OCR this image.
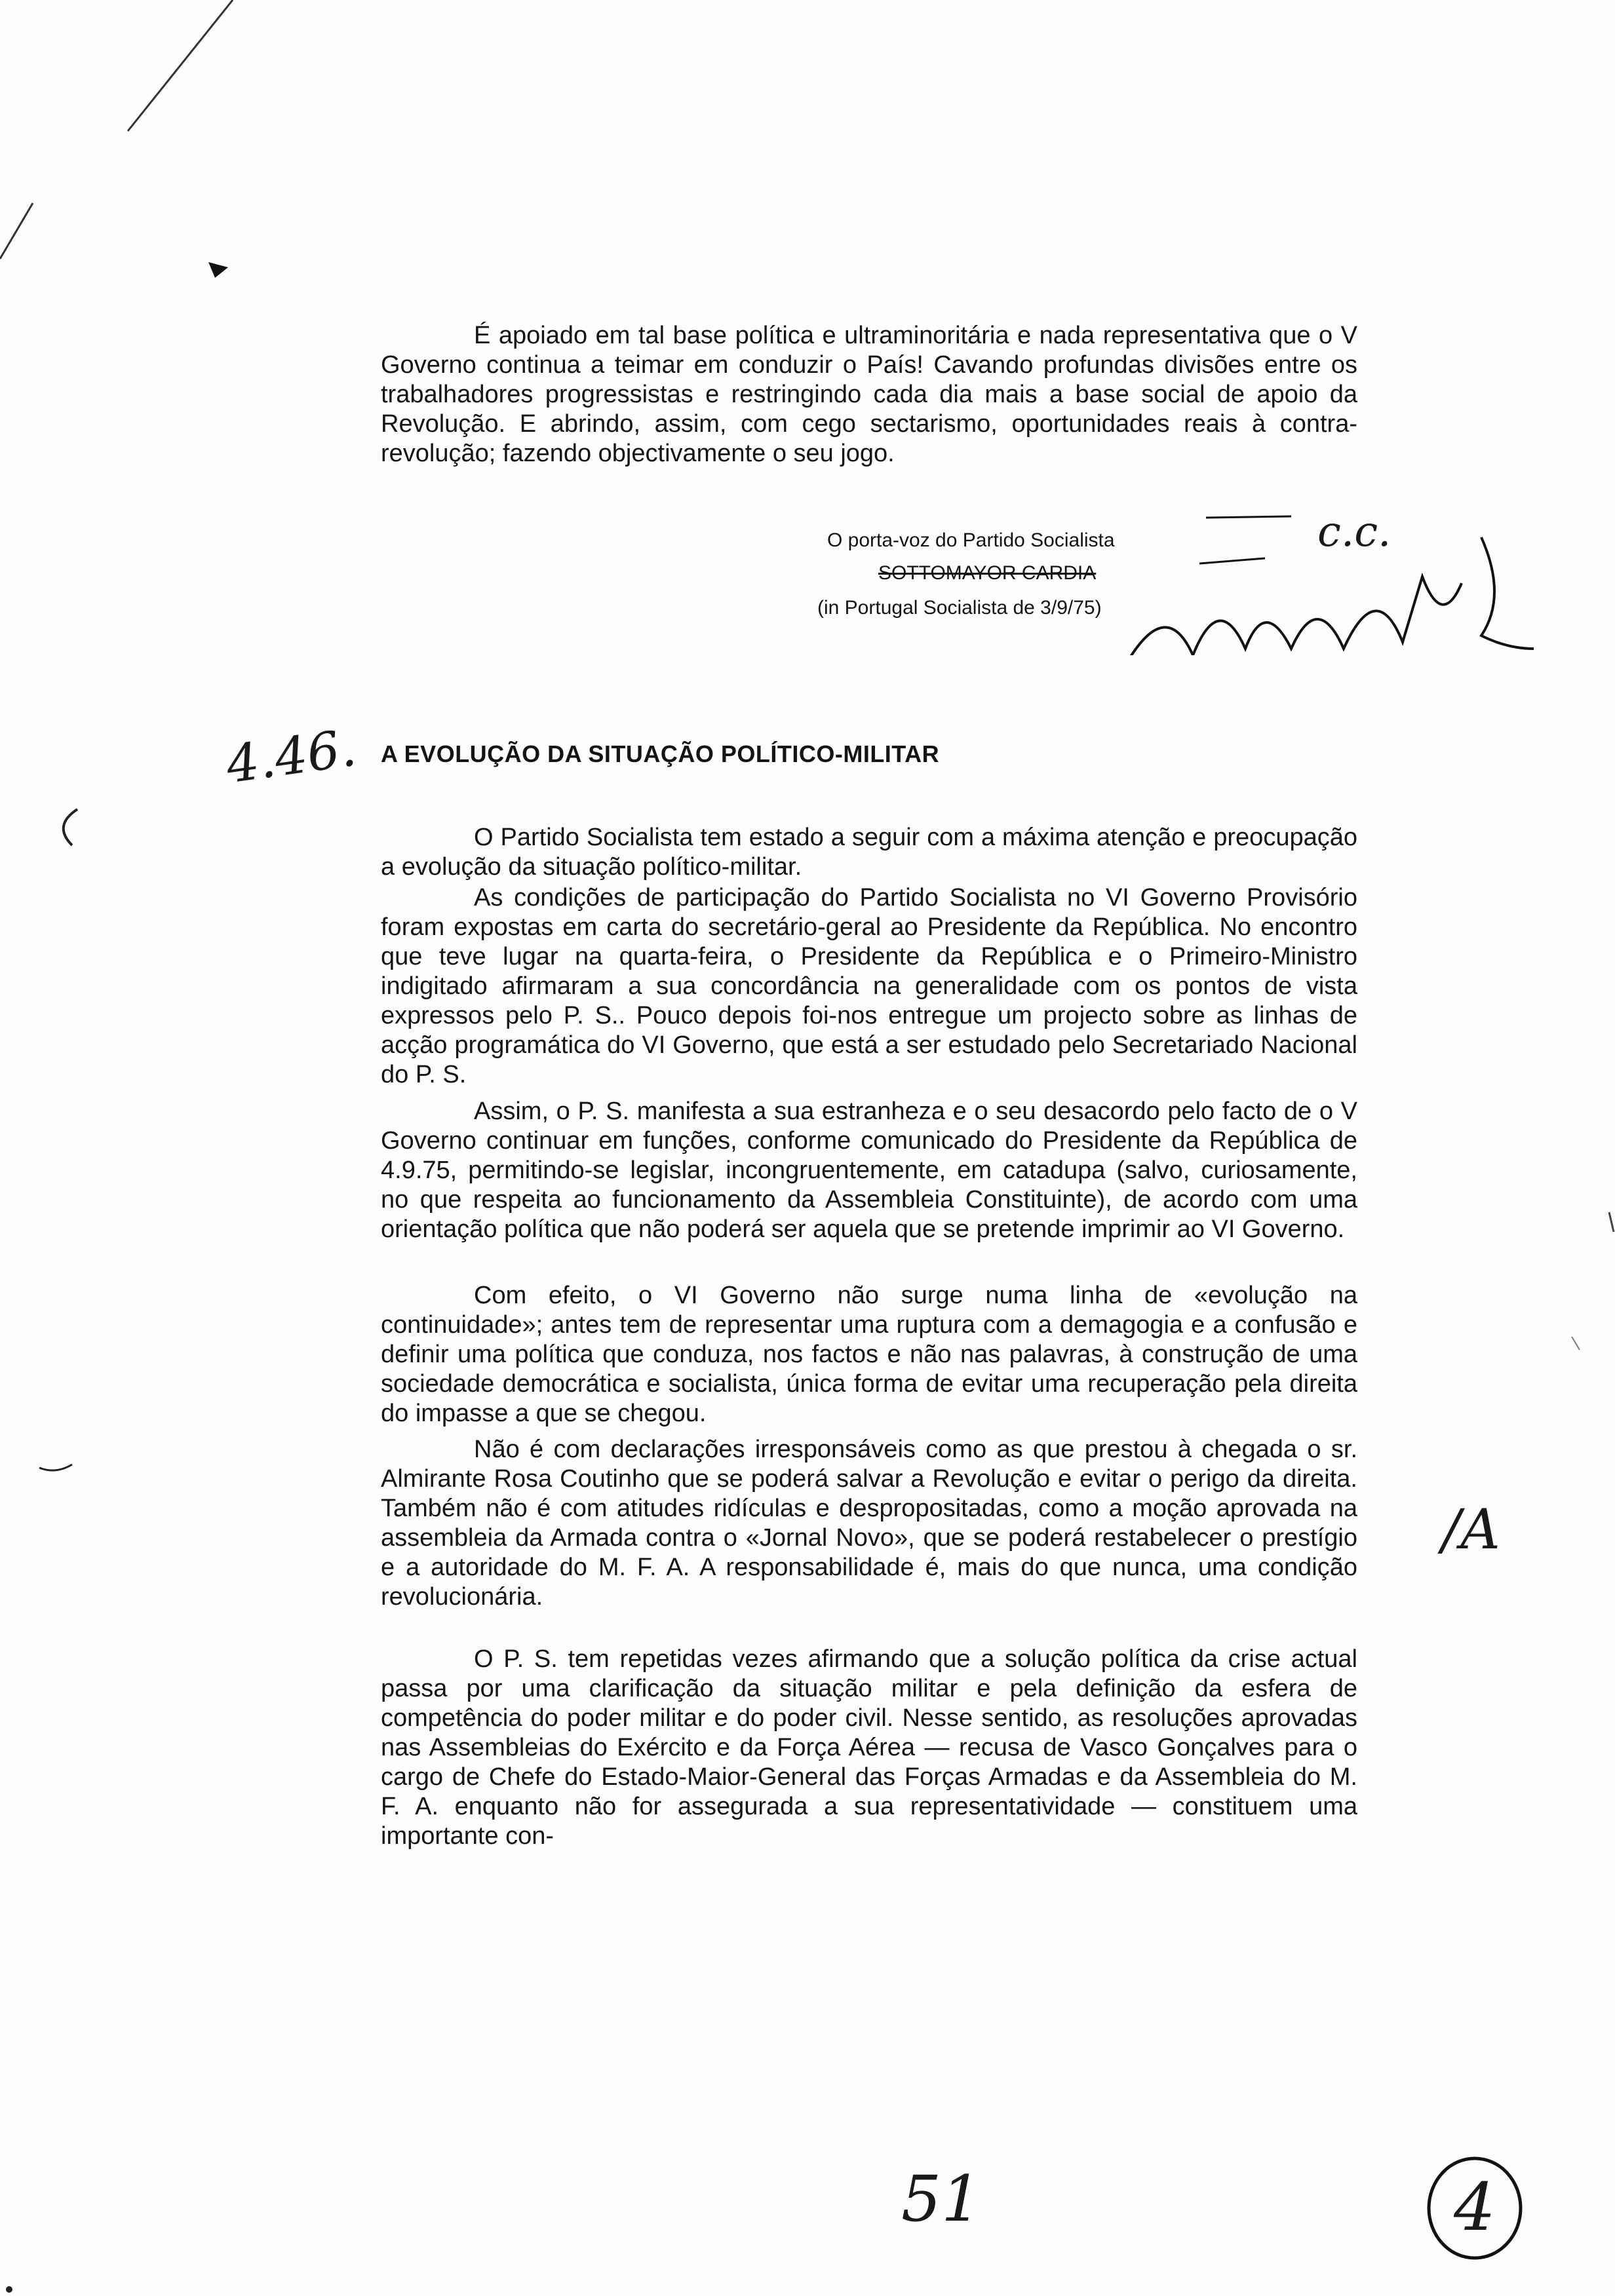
É apoiado em tal base política e ultraminoritária e nada representativa que o V Governo continua a teimar em conduzir o País! Cavando profundas divisões entre os trabalhadores progressistas e restringindo cada dia mais a base social de apoio da Revolução. E abrindo, assim, com cego sectarismo, oportunidades reais à contra-revolução; fazendo objectivamente o seu jogo.

O porta-voz do Partido Socialista
SOTTOMAYOR CARDIA
(in Portugal Socialista de 3/9/75)
c.c.
4.46. A EVOLUÇÃO DA SITUAÇÃO POLÍTICO-MILITAR

O Partido Socialista tem estado a seguir com a máxima atenção e preocupação a evolução da situação político-militar.

As condições de participação do Partido Socialista no VI Governo Provisório foram expostas em carta do secretário-geral ao Presidente da República. No encontro que teve lugar na quarta-feira, o Presidente da República e o Primeiro-Ministro indigitado afirmaram a sua concordância na generalidade com os pontos de vista expressos pelo P. S.. Pouco depois foi-nos entregue um projecto sobre as linhas de acção programática do VI Governo, que está a ser estudado pelo Secretariado Nacional do P. S.

Assim, o P. S. manifesta a sua estranheza e o seu desacordo pelo facto de o V Governo continuar em funções, conforme comunicado do Presidente da República de 4.9.75, permitindo-se legislar, incongruentemente, em catadupa (salvo, curiosamente, no que respeita ao funcionamento da Assembleia Constituinte), de acordo com uma orientação política que não poderá ser aquela que se pretende imprimir ao VI Governo.

Com efeito, o VI Governo não surge numa linha de «evolução na continuidade»; antes tem de representar uma ruptura com a demagogia e a confusão e definir uma política que conduza, nos factos e não nas palavras, à construção de uma sociedade democrática e socialista, única forma de evitar uma recuperação pela direita do impasse a que se chegou.

Não é com declarações irresponsáveis como as que prestou à chegada o sr. Almirante Rosa Coutinho que se poderá salvar a Revolução e evitar o perigo da direita. Também não é com atitudes ridículas e despropositadas, como a moção aprovada na assembleia da Armada contra o «Jornal Novo», que se poderá restabelecer o prestígio e a autoridade do M. F. A. A responsabilidade é, mais do que nunca, uma condição revolucionária.

O P. S. tem repetidas vezes afirmando que a solução política da crise actual passa por uma clarificação da situação militar e pela definição da esfera de competência do poder militar e do poder civil. Nesse sentido, as resoluções aprovadas nas Assembleias do Exército e da Força Aérea — recusa de Vasco Gonçalves para o cargo de Chefe do Estado-Maior-General das Forças Armadas e da Assembleia do M. F. A. enquanto não for assegurada a sua representatividade — constituem uma importante con-

/A
51	4
